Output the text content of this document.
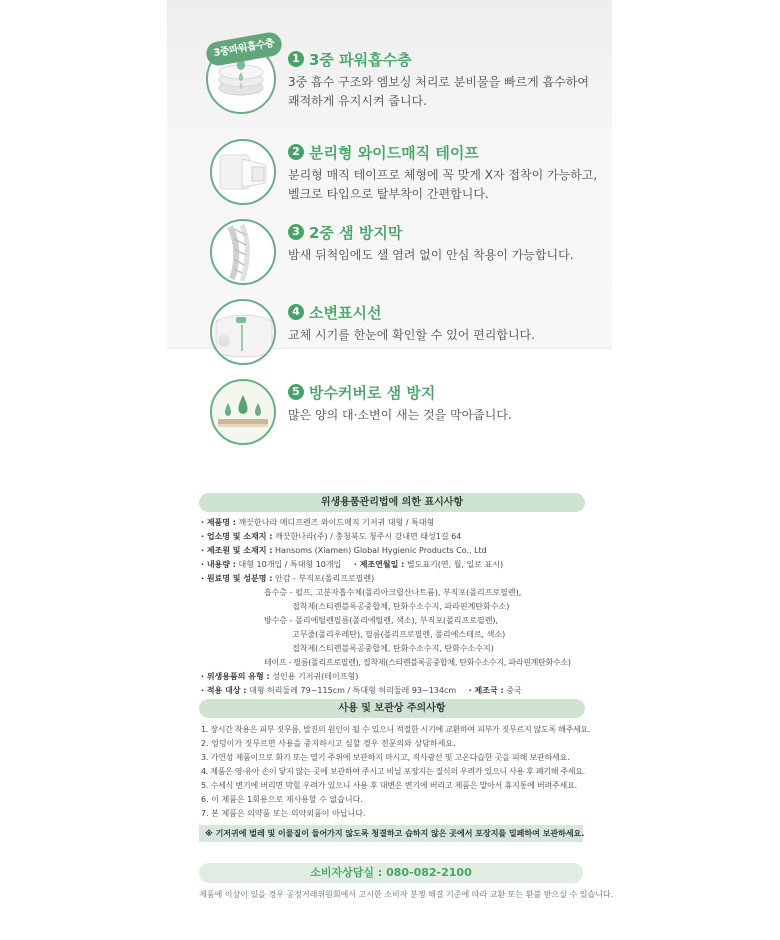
1 3중 파워흡수층
3중 흡수 구조와 엠보싱 처리로 분비물을 빠르게 흡수하여
쾌적하게 유지시켜 줍니다.
3중파워흡수층
2 분리형 와이드매직 테이프
분리형 매직 테이프로 체형에 꼭 맞게 X자 접착이 가능하고,
벨크로 타입으로 탈부착이 간편합니다.
3 2중 샘 방지막
밤새 뒤척임에도 샐 염려 없이 안심 착용이 가능합니다.
4 소변표시선
교체 시기를 한눈에 확인할 수 있어 편리합니다.
5 방수커버로 샘 방지
많은 양의 대·소변이 새는 것을 막아줍니다.
위생용품관리법에 의한 표시사항
· 제품명 : 깨끗한나라 메디프렌즈 와이드매직 기저귀 대형 / 특대형
· 업소명 및 소재지 : 깨끗한나라(주) / 충청북도 청주시 강내면 태성1길 64
· 제조원 및 소재지 : Hansoms (Xiamen) Global Hygienic Products Co., Ltd
· 내용량 : 대형 10개입 / 특대형 10개입 · 제조연월일 : 별도표기(연, 월, 일로 표시)
· 원료명 및 성분명 : 안감 - 부직포(폴리프로필렌)
흡수층 - 펄프, 고분자흡수체(폴리아크릴산나트륨), 부직포(폴리프로필렌),
접착제(스티렌블록공중합체, 탄화수소수지, 파라핀계탄화수소)
방수층 - 폴리에틸렌필름(폴리에틸렌, 색소), 부직포(폴리프로필렌),
고무줄(폴리우레탄), 필름(폴리프로필렌, 폴리에스테르, 색소)
접착제(스티렌블록공중합체, 탄화수소수지, 탄화수소수지)
테이프 - 필름(폴리프로필렌), 접착제(스티렌블록공중합체, 탄화수소수지, 파라핀계탄화수소)
· 위생용품의 유형 : 성인용 기저귀(테이프형)
· 적용 대상 : 대형 허리둘레 79~115cm / 특대형 허리둘레 93~134cm · 제조국 : 중국
사용 및 보관상 주의사항
1. 장시간 착용은 피부 짓무름, 발진의 원인이 될 수 있으니 적절한 시기에 교환하여 피부가 짓무르지 않도록 해주세요.
2. 엉덩이가 짓무르면 사용을 중지하시고 심할 경우 전문의와 상담하세요.
3. 가연성 제품이므로 화기 또는 열기 주위에 보관하지 마시고, 직사광선 및 고온다습한 곳을 피해 보관하세요.
4. 제품은 영·유아 손이 닿지 않는 곳에 보관하여 주시고 비닐 포장지는 질식의 우려가 있으니 사용 후 폐기해 주세요.
5. 수세식 변기에 버리면 막힐 우려가 있으니 사용 후 대변은 변기에 버리고 제품은 말아서 휴지통에 버려주세요.
6. 이 제품은 1회용으로 재사용할 수 없습니다.
7. 본 제품은 의약품 또는 의약외품이 아닙니다.
※ 기저귀에 벌레 및 이물질이 들어가지 않도록 청결하고 습하지 않은 곳에서 포장지를 밀페하여 보관하세요.
소비자상담실 : 080-082-2100
제품에 이상이 있을 경우 공정거래위원회에서 고시한 소비자 분쟁 해결 기준에 따라 교환 또는 환불 받으실 수 있습니다.
